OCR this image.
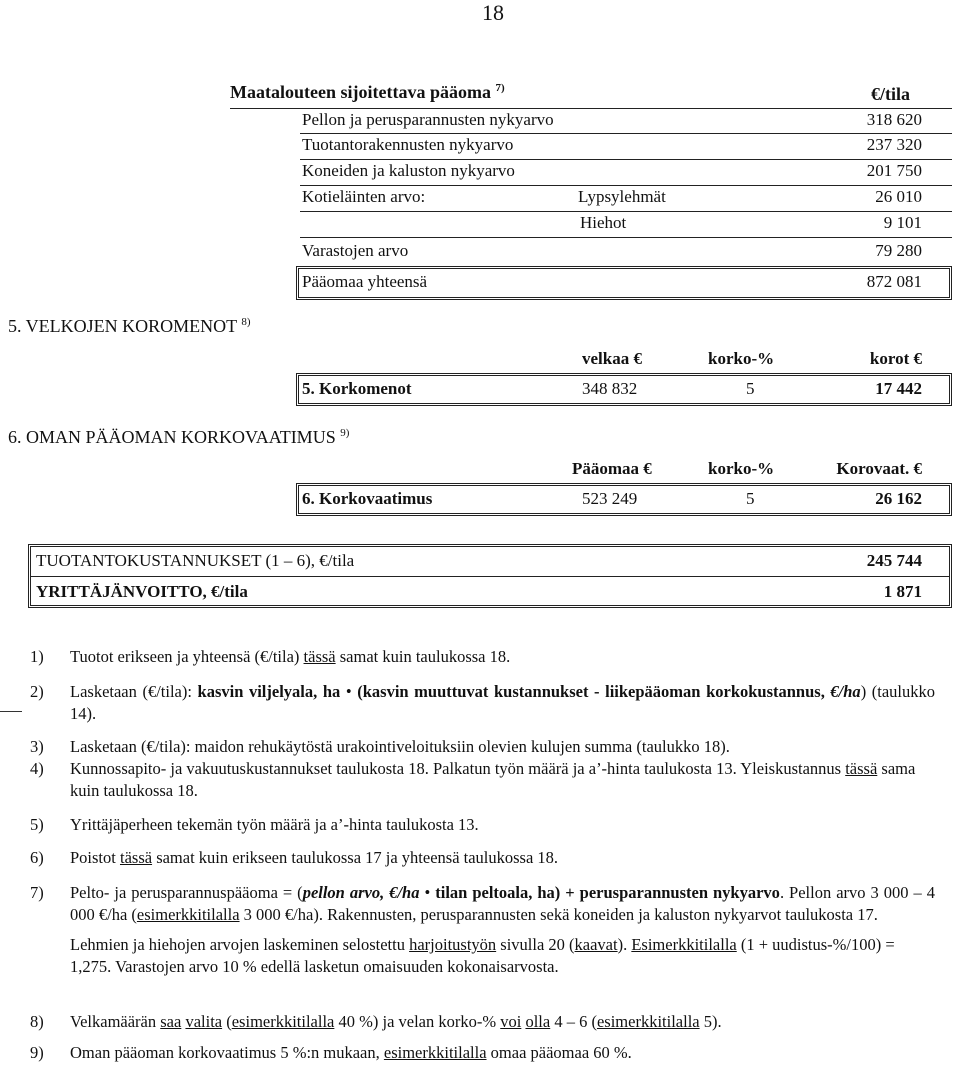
18
Maatalouteen sijoitettava pääoma $^{7)}$	€/tila
Pellon ja perusparannusten nykyarvo	318 620
Tuotantorakennusten nykyarvo	237 320
Koneiden ja kaluston nykyarvo	201 750
Kotieläinten arvo:	Lypsylehmät	26 010
Hiehot	9 101
Varastojen arvo	79 280
Pääomaa yhteensä	872 081
5. VELKOJEN KOROMENOT $^{8)}$
velkaa €	korko-%	korot €
5. Korkomenot	348 832	5	17 442
6. OMAN PÄÄOMAN KORKOVAATIMUS $^{9)}$
Pääomaa €	korko-%	Korovaat. €
6. Korkovaatimus	523 249	5	26 162
TUOTANTOKUSTANNUKSET (1 – 6), €/tila	245 744
YRITTÄJÄNVOITTO, €/tila	1 871
1) Tuotot erikseen ja yhteensä (€/tila) tässä samat kuin taulukossa 18.
2) Lasketaan (€/tila): kasvin viljelyala, ha • (kasvin muuttuvat kustannukset - liikepääoman korkokustannus, €/ha) (taulukko 14).
3) Lasketaan (€/tila): maidon rehukäytöstä urakointiveloituksiin olevien kulujen summa (taulukko 18).
4) Kunnossapito- ja vakuutuskustannukset taulukosta 18. Palkatun työn määrä ja a’-hinta taulukosta 13. Yleiskustannus tässä sama kuin taulukossa 18.
5) Yrittäjäperheen tekemän työn määrä ja a’-hinta taulukosta 13.
6) Poistot tässä samat kuin erikseen taulukossa 17 ja yhteensä taulukossa 18.
7) Pelto- ja perusparannuspääoma = (pellon arvo, €/ha • tilan peltoala, ha) + perusparannusten nykyarvo. Pellon arvo 3 000 – 4 000 €/ha (esimerkkitilalla 3 000 €/ha). Rakennusten, perusparannusten sekä koneiden ja kaluston nykyarvot taulukosta 17.
Lehmien ja hiehojen arvojen laskeminen selostettu harjoitustyön sivulla 20 (kaavat). Esimerkkitilalla (1 + uudistus-%/100) = 1,275. Varastojen arvo 10 % edellä lasketun omaisuuden kokonaisarvosta.
8) Velkamäärän saa valita (esimerkkitilalla 40 %) ja velan korko-% voi olla 4 – 6 (esimerkkitilalla 5).
9) Oman pääoman korkovaatimus 5 %:n mukaan, esimerkkitilalla omaa pääomaa 60 %.
